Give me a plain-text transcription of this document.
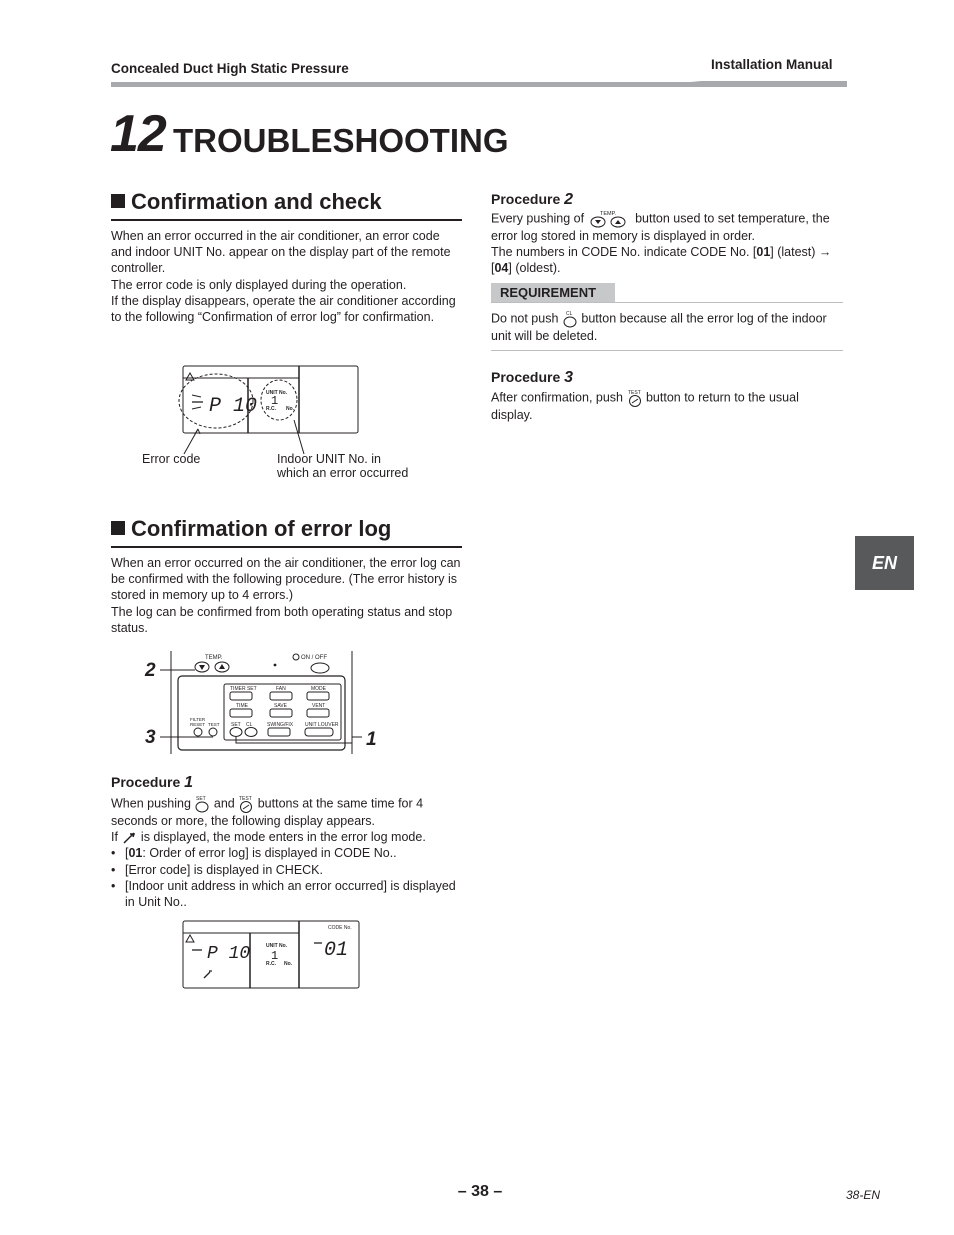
Concealed Duct High Static Pressure	Installation Manual
12 TROUBLESHOOTING
Confirmation and check

When an error occurred in the air conditioner, an error code and indoor UNIT No. appear on the display part of the remote controller.

The error code is only displayed during the operation.

If the display disappears, operate the air conditioner according to the following “Confirmation of error log” for confirmation.

P 10
UNIT No.
R.C. No.
1
Error code	Indoor UNIT No. in
which an error occurred
Confirmation of error log

When an error occurred on the air conditioner, the error log can be confirmed with the following procedure. (The error history is stored in memory up to 4 errors.)

The log can be confirmed from both operating status and stop status.

TEMP.	ON / OFF
TIMER SET	FAN	MODE
TIME	SAVE	VENT
FILTER
RESET TEST SET CL	SWING/FIX UNIT LOUVER
2
3	1
Procedure 1

When pushing SET and TEST buttons at the same time for 4

seconds or more, the following display appears.

If is displayed, the mode enters in the error log mode.

• [01: Order of error log] is displayed in CODE No..
• [Error code] is displayed in CHECK.
• [Indoor unit address in which an error occurred] is displayed in Unit No..
P 10	UNIT No.
R.C. No.
1
CODE No.
01
Procedure 2

Every pushing of	TEMP. button used to set temperature, the

error log stored in memory is displayed in order.

The numbers in CODE No. indicate CODE No. [01] (latest) →

[04] (oldest).

REQUIREMENT

Do not push CL button because all the error log of the indoor

unit will be deleted.

Procedure 3

After confirmation, push TEST button to return to the usual

display.

EN
– 38 –	38-EN
